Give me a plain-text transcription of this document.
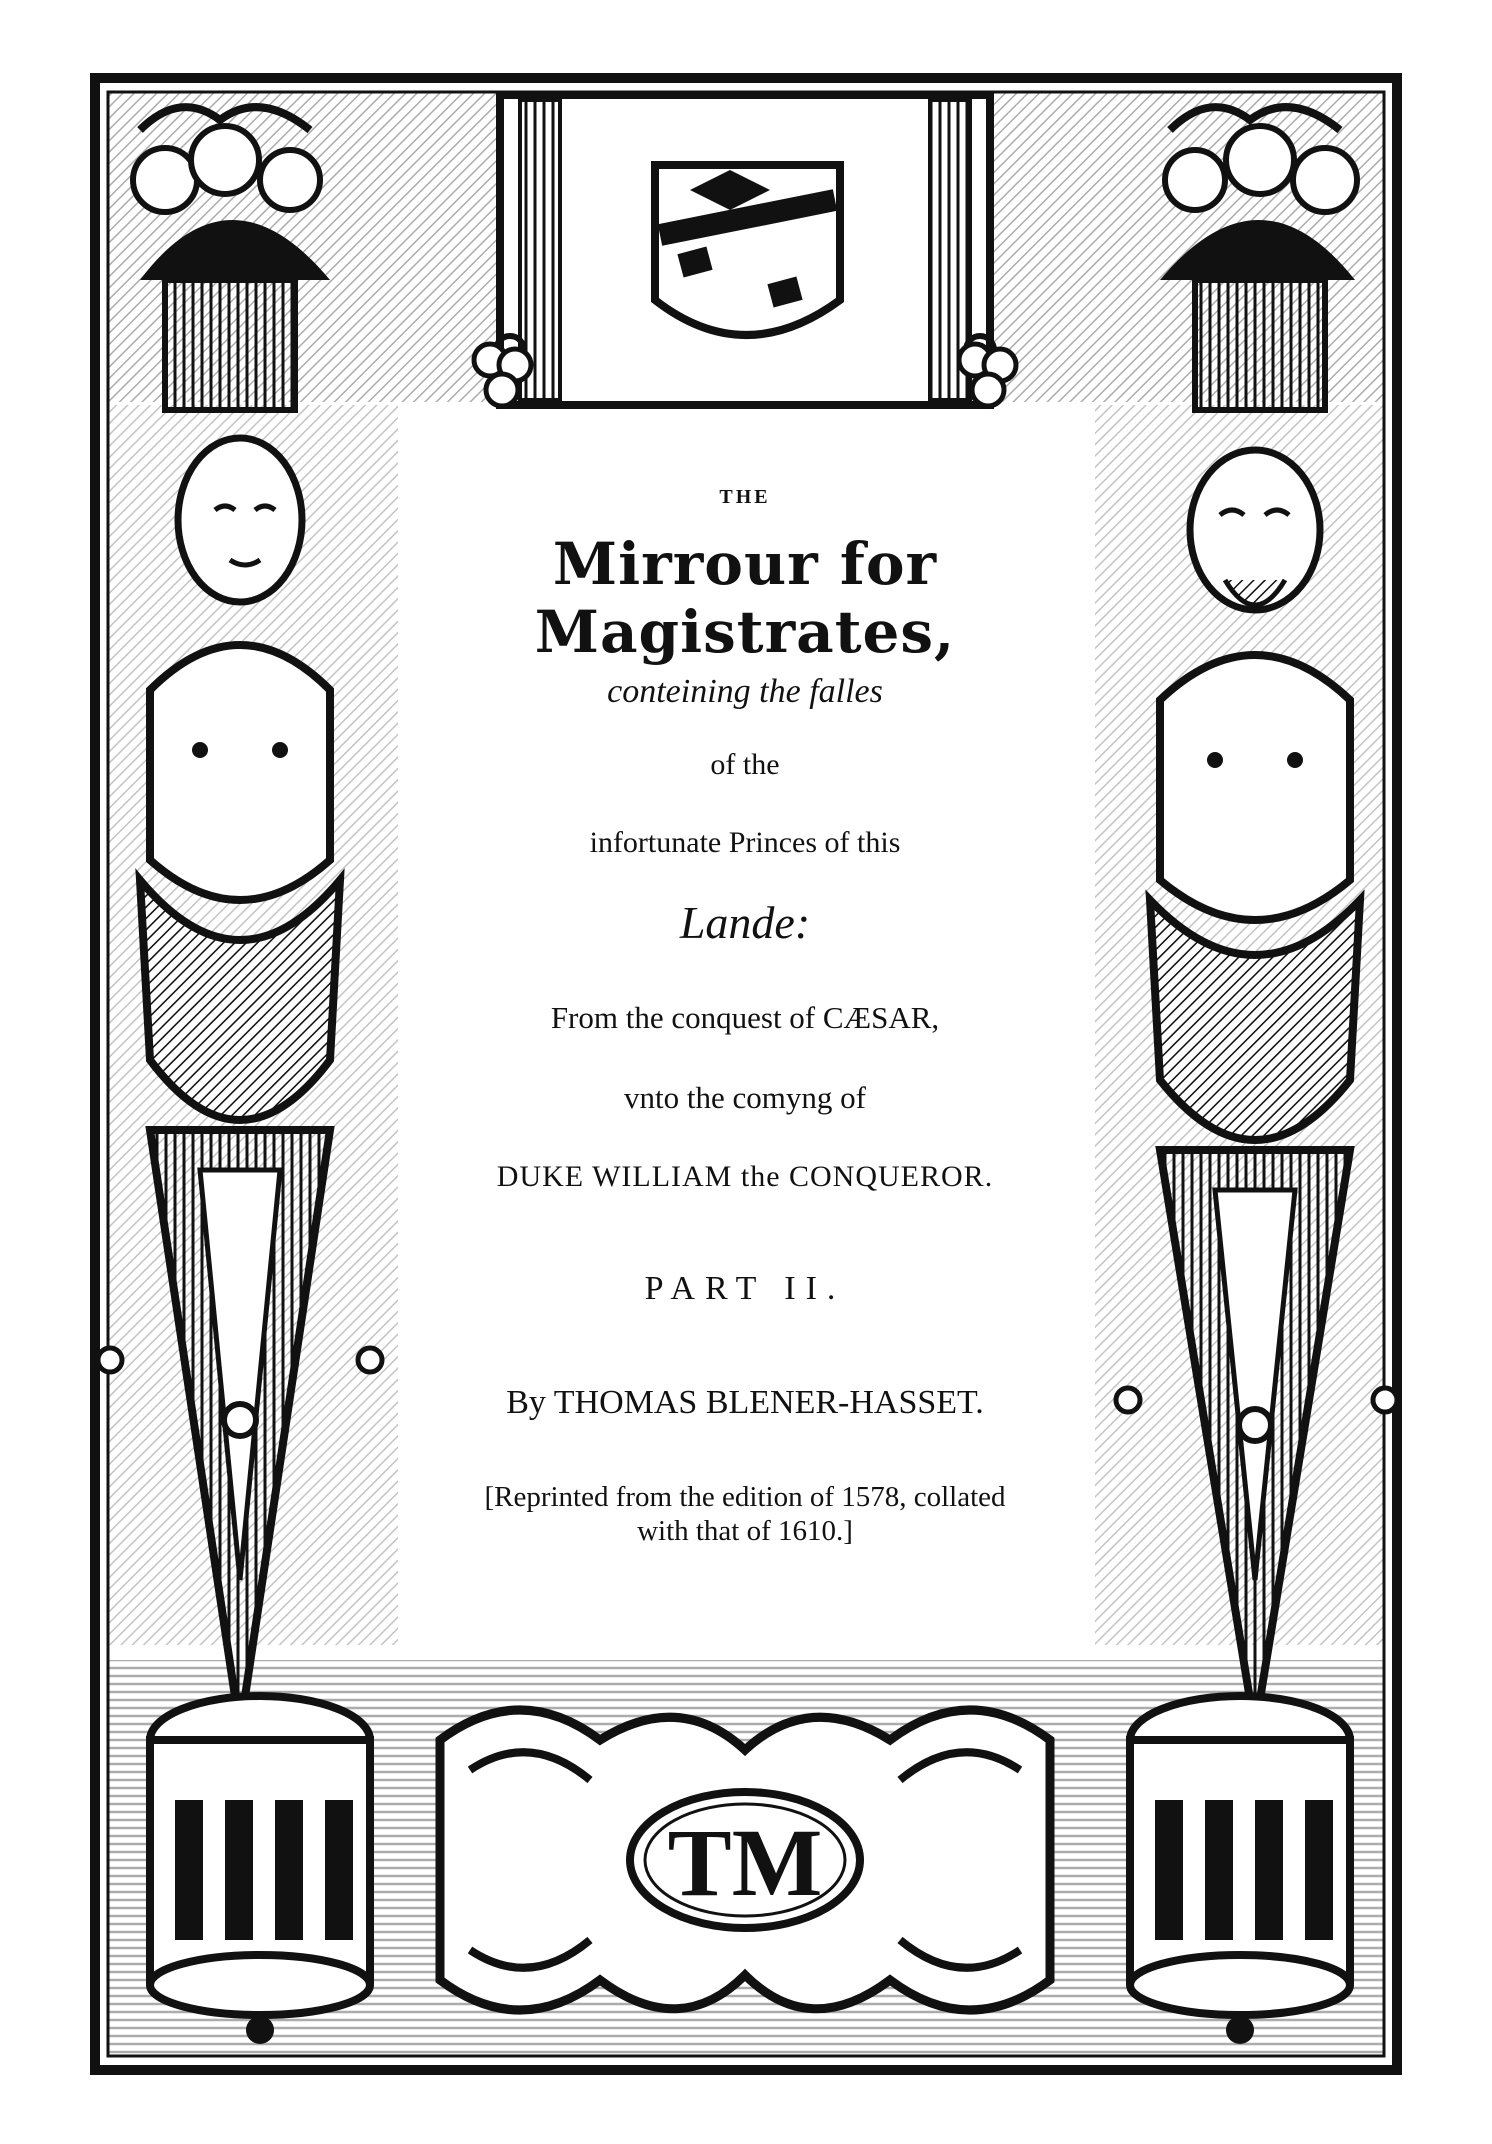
TM

THE

Mirrour for Magistrates,

conteining the falles

of the

infortunate Princes of this

Lande:

From the conquest of CÆSAR,

vnto the comyng of

DUKE WILLIAM the CONQUEROR.

PART II.

By THOMAS BLENER-HASSET.

[Reprinted from the edition of 1578, collated
with that of 1610.]
